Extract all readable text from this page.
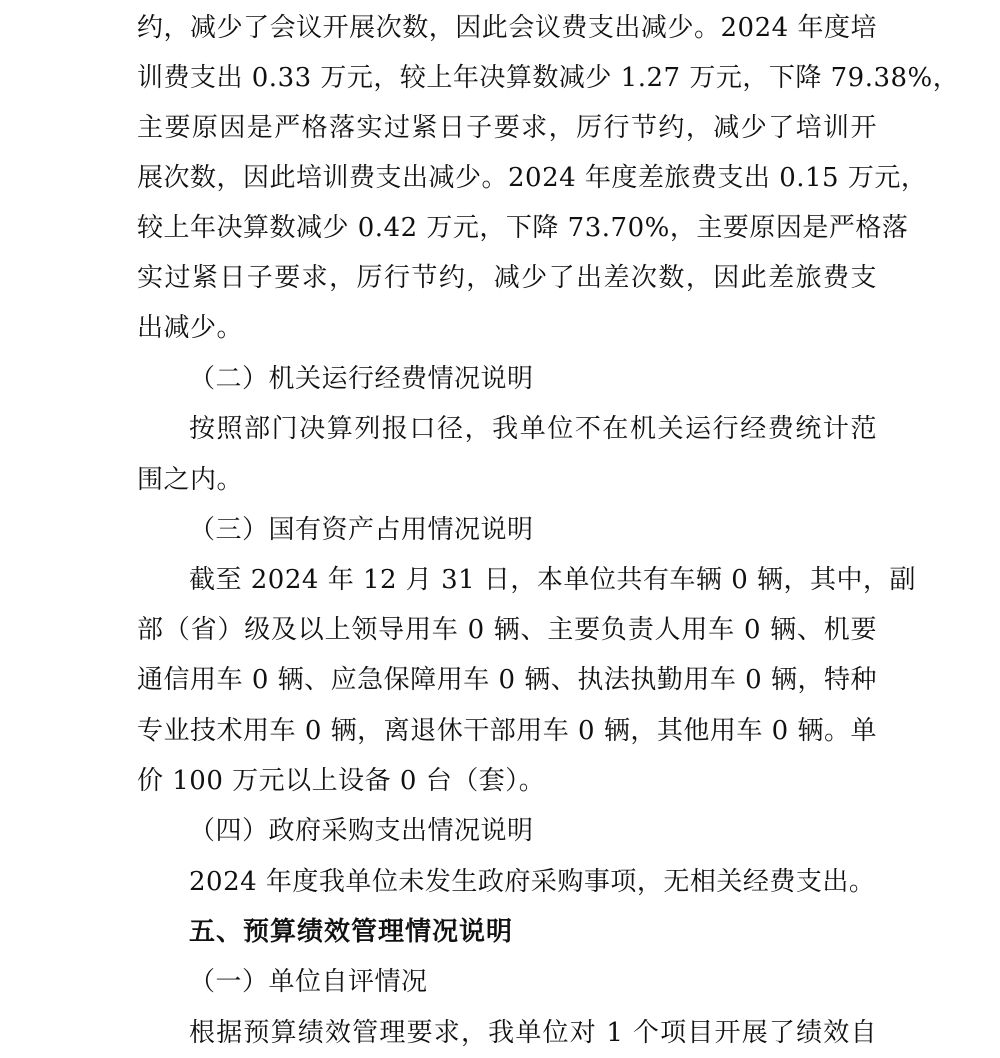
约，减少了会议开展次数，因此会议费支出减少。2024 年度培
训费支出 0.33 万元，较上年决算数减少 1.27 万元，下降 79.38%，
主要原因是严格落实过紧日子要求，厉行节约，减少了培训开
展次数，因此培训费支出减少。2024 年度差旅费支出 0.15 万元，
较上年决算数减少 0.42 万元，下降 73.70%，主要原因是严格落
实过紧日子要求，厉行节约，减少了出差次数，因此差旅费支
出减少。
（二）机关运行经费情况说明
按照部门决算列报口径，我单位不在机关运行经费统计范
围之内。
（三）国有资产占用情况说明
截至 2024 年 12 月 31 日，本单位共有车辆 0 辆，其中，副
部（省）级及以上领导用车 0 辆、主要负责人用车 0 辆、机要
通信用车 0 辆、应急保障用车 0 辆、执法执勤用车 0 辆，特种
专业技术用车 0 辆，离退休干部用车 0 辆，其他用车 0 辆。单
价 100 万元以上设备 0 台（套）。
（四）政府采购支出情况说明
2024 年度我单位未发生政府采购事项，无相关经费支出。
五、预算绩效管理情况说明
（一）单位自评情况
根据预算绩效管理要求，我单位对 1 个项目开展了绩效自
